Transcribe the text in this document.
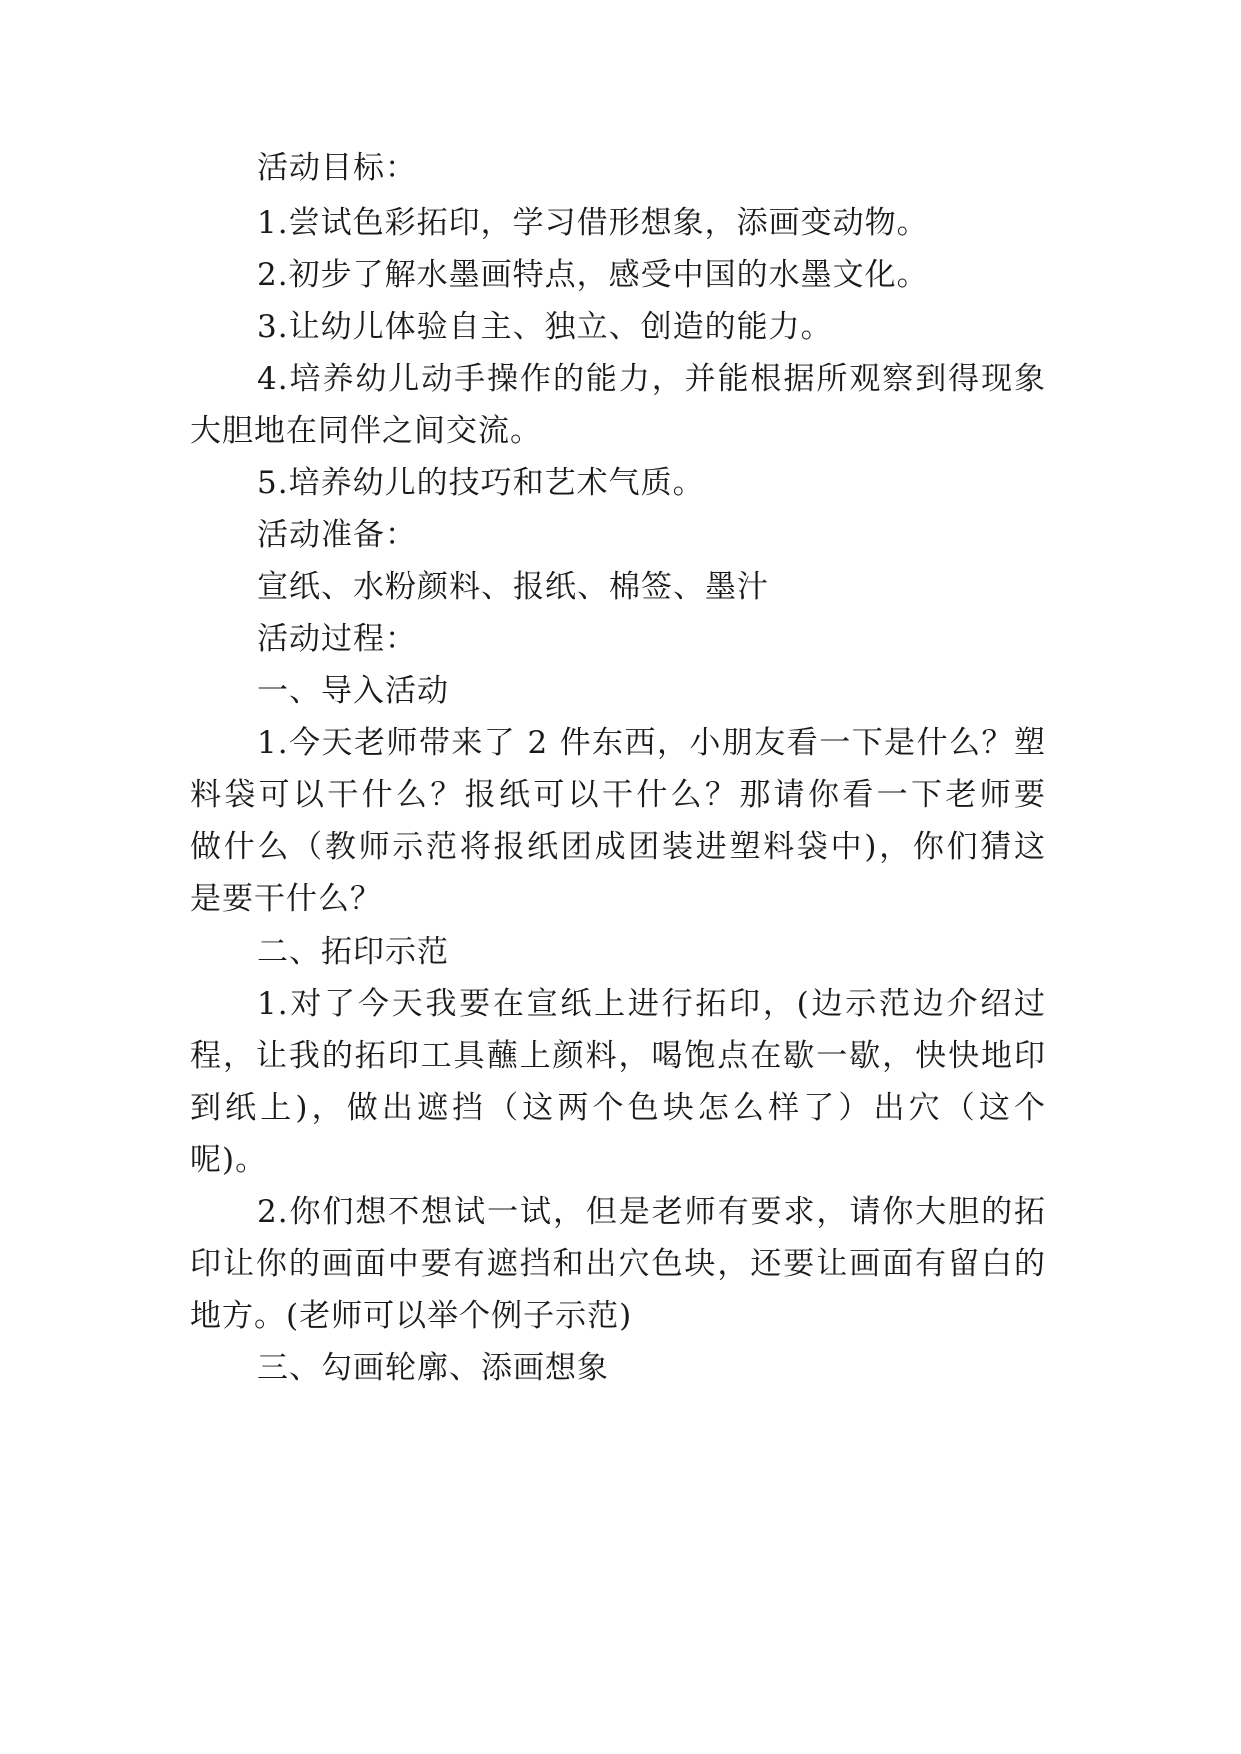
活动目标：

1.尝试色彩拓印，学习借形想象，添画变动物。

2.初步了解水墨画特点，感受中国的水墨文化。

3.让幼儿体验自主、独立、创造的能力。

4.培养幼儿动手操作的能力，并能根据所观察到得现象

大胆地在同伴之间交流。

5.培养幼儿的技巧和艺术气质。

活动准备：

宣纸、水粉颜料、报纸、棉签、墨汁

活动过程：

一、导入活动

1.今天老师带来了 2 件东西，小朋友看一下是什么？塑

料袋可以干什么？报纸可以干什么？那请你看一下老师要

做什么（教师示范将报纸团成团装进塑料袋中)，你们猜这

是要干什么？

二、拓印示范

1.对了今天我要在宣纸上进行拓印，(边示范边介绍过

程，让我的拓印工具蘸上颜料，喝饱点在歇一歇，快快地印

到纸上)，做出遮挡（这两个色块怎么样了）出穴（这个

呢)。

2.你们想不想试一试，但是老师有要求，请你大胆的拓

印让你的画面中要有遮挡和出穴色块，还要让画面有留白的

地方。(老师可以举个例子示范)

三、勾画轮廓、添画想象
